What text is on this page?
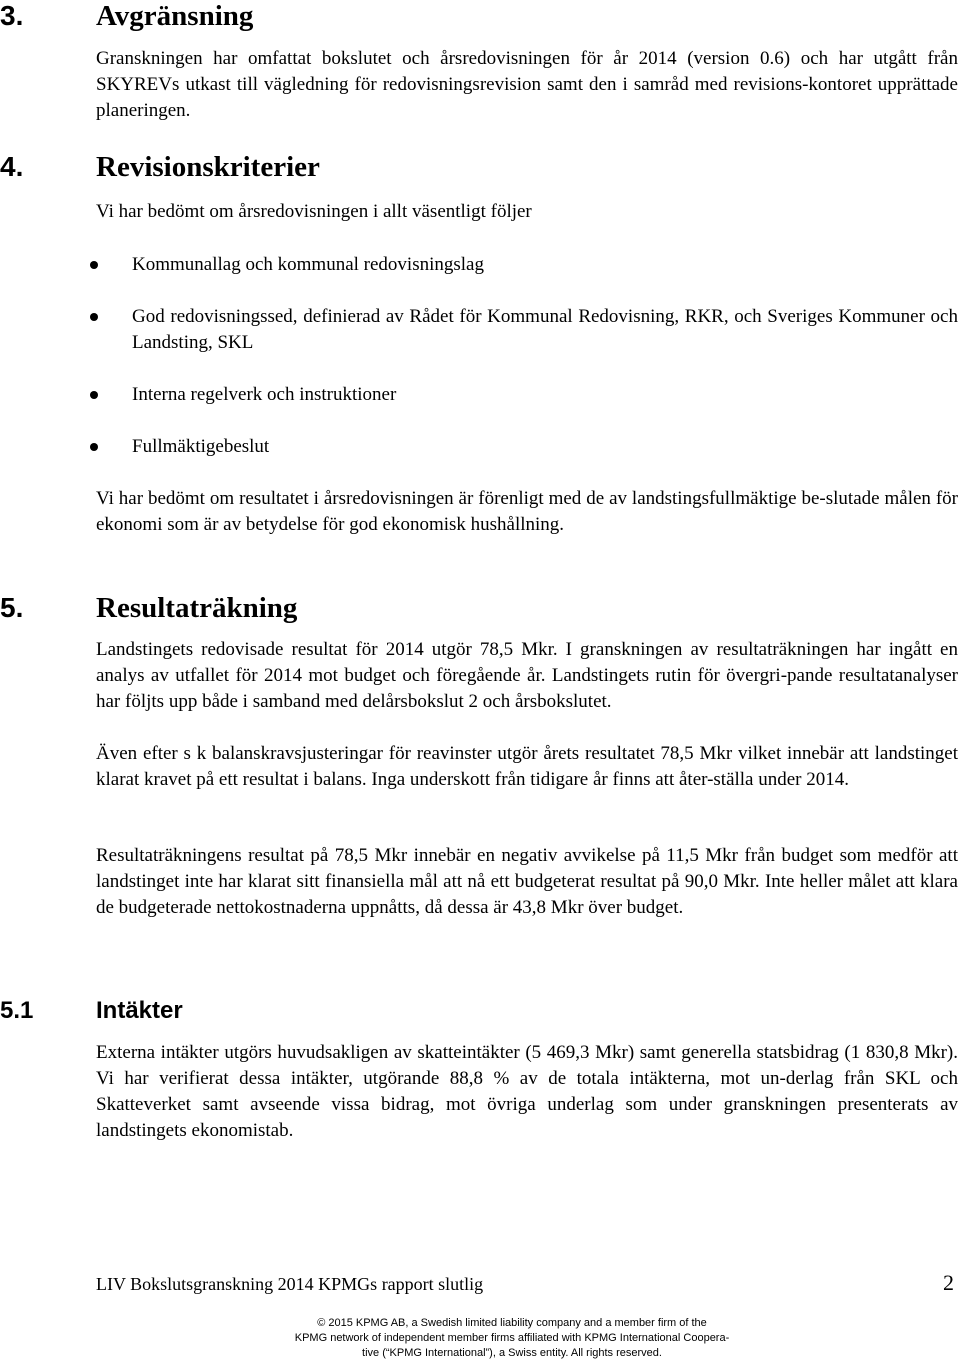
3.	Avgränsning

Granskningen har omfattat bokslutet och årsredovisningen för år 2014 (version 0.6) och har utgått från SKYREVs utkast till vägledning för redovisningsrevision samt den i samråd med revisions-kontoret upprättade planeringen.

4.	Revisionskriterier

Vi har bedömt om årsredovisningen i allt väsentligt följer

Kommunallag och kommunal redovisningslag
God redovisningssed, definierad av Rådet för Kommunal Redovisning, RKR, och Sveriges Kommuner och Landsting, SKL
Interna regelverk och instruktioner
Fullmäktigebeslut

Vi har bedömt om resultatet i årsredovisningen är förenligt med de av landstingsfullmäktige be-slutade målen för ekonomi som är av betydelse för god ekonomisk hushållning.

5.	Resultaträkning

Landstingets redovisade resultat för 2014 utgör 78,5 Mkr. I granskningen av resultaträkningen har ingått en analys av utfallet för 2014 mot budget och föregående år. Landstingets rutin för övergri-pande resultatanalyser har följts upp både i samband med delårsbokslut 2 och årsbokslutet.

Även efter s k balanskravsjusteringar för reavinster utgör årets resultatet 78,5 Mkr vilket innebär att landstinget klarat kravet på ett resultat i balans. Inga underskott från tidigare år finns att åter-ställa under 2014.

Resultaträkningens resultat på 78,5 Mkr innebär en negativ avvikelse på 11,5 Mkr från budget som medför att landstinget inte har klarat sitt finansiella mål att nå ett budgeterat resultat på 90,0 Mkr. Inte heller målet att klara de budgeterade nettokostnaderna uppnåtts, då dessa är 43,8 Mkr över budget.

5.1	Intäkter

Externa intäkter utgörs huvudsakligen av skatteintäkter (5 469,3 Mkr) samt generella statsbidrag (1 830,8 Mkr). Vi har verifierat dessa intäkter, utgörande 88,8 % av de totala intäkterna, mot un-derlag från SKL och Skatteverket samt avseende vissa bidrag, mot övriga underlag som under granskningen presenterats av landstingets ekonomistab.

LIV Bokslutsgranskning 2014 KPMGs rapport slutlig	2
© 2015 KPMG AB, a Swedish limited liability company and a member firm of the
KPMG network of independent member firms affiliated with KPMG International Coopera-
tive (“KPMG International”), a Swiss entity. All rights reserved.
